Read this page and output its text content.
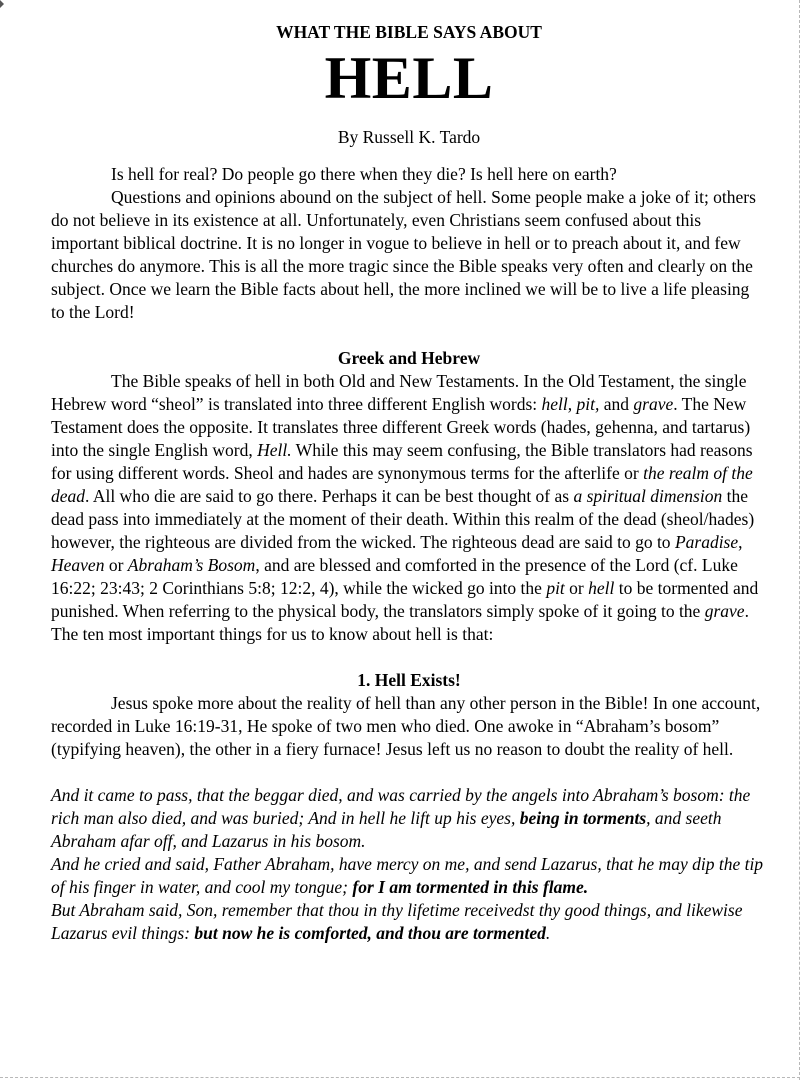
WHAT THE BIBLE SAYS ABOUT
HELL
By Russell K. Tardo

Is hell for real? Do people go there when they die? Is hell here on earth?

Questions and opinions abound on the subject of hell. Some people make a joke of it; others do not believe in its existence at all. Unfortunately, even Christians seem confused about this important biblical doctrine. It is no longer in vogue to believe in hell or to preach about it, and few churches do anymore. This is all the more tragic since the Bible speaks very often and clearly on the subject. Once we learn the Bible facts about hell, the more inclined we will be to live a life pleasing to the Lord!

Greek and Hebrew

The Bible speaks of hell in both Old and New Testaments. In the Old Testament, the single Hebrew word “sheol” is translated into three different English words: hell, pit, and grave. The New Testament does the opposite. It translates three different Greek words (hades, gehenna, and tartarus) into the single English word, Hell. While this may seem confusing, the Bible translators had reasons for using different words. Sheol and hades are synonymous terms for the afterlife or the realm of the dead. All who die are said to go there. Perhaps it can be best thought of as a spiritual dimension the dead pass into immediately at the moment of their death. Within this realm of the dead (sheol/hades) however, the righteous are divided from the wicked. The righteous dead are said to go to Paradise, Heaven or Abraham’s Bosom, and are blessed and comforted in the presence of the Lord (cf. Luke 16:22; 23:43; 2 Corinthians 5:8; 12:2, 4), while the wicked go into the pit or hell to be tormented and punished. When referring to the physical body, the translators simply spoke of it going to the grave.

The ten most important things for us to know about hell is that:

1. Hell Exists!

Jesus spoke more about the reality of hell than any other person in the Bible! In one account, recorded in Luke 16:19-31, He spoke of two men who died. One awoke in “Abraham’s bosom” (typifying heaven), the other in a fiery furnace! Jesus left us no reason to doubt the reality of hell.

And it came to pass, that the beggar died, and was carried by the angels into Abraham’s bosom: the rich man also died, and was buried; And in hell he lift up his eyes, being in torments, and seeth Abraham afar off, and Lazarus in his bosom.

And he cried and said, Father Abraham, have mercy on me, and send Lazarus, that he may dip the tip of his finger in water, and cool my tongue; for I am tormented in this flame.

But Abraham said, Son, remember that thou in thy lifetime receivedst thy good things, and likewise Lazarus evil things: but now he is comforted, and thou are tormented.
